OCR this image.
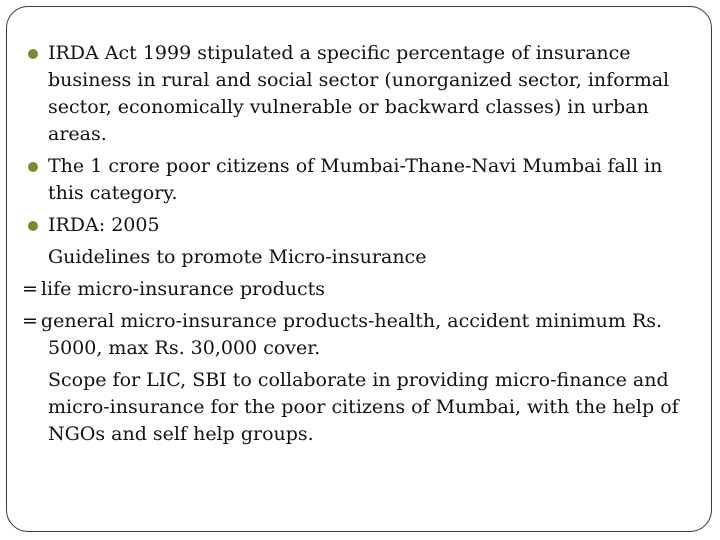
IRDA Act 1999 stipulated a specific percentage of insurance business in rural and social sector (unorganized sector, informal sector, economically vulnerable or backward classes) in urban areas.
The 1 crore poor citizens of Mumbai-Thane-Navi Mumbai fall in this category.
IRDA: 2005
Guidelines to promote Micro-insurance
= life micro-insurance products
= general micro-insurance products-health, accident minimum Rs.
5000, max Rs. 30,000 cover.
Scope for LIC, SBI to collaborate in providing micro-finance and micro-insurance for the poor citizens of Mumbai, with the help of NGOs and self help groups.
